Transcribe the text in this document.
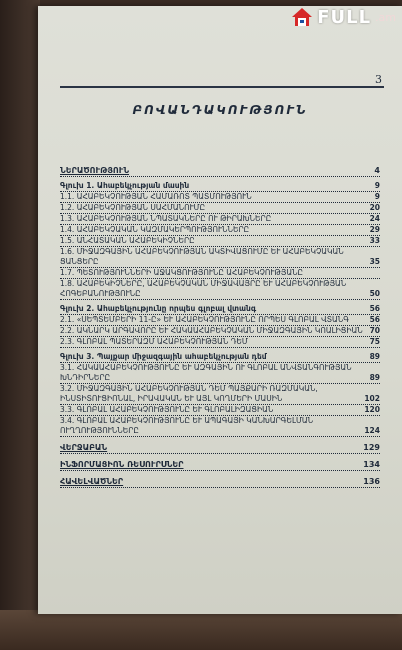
3
ԲՈՎԱՆԴԱԿՈՒԹՅՈՒՆ
ՆԵՐԱԾՈՒԹՅՈՒՆ	4
Գլուխ 1. Ահաբեկչության մասին	9
1.1. ԱՀԱԲԵԿՉՈՒԹՅԱՆ ՀԱՄԱՌՈՏ ՊԱՏՄՈՒԹՅՈՒՆ	9
1.2. ԱՀԱԲԵԿՉՈՒԹՅԱՆ ՍԱՀՄԱՆՈՒՄԸ	20
1.3. ԱՀԱԲԵԿՉՈՒԹՅԱՆ ՆՊԱՏԱԿՆԵՐԸ ՈՒ ԹԻՐԱԽՆԵՐԸ	24
1.4. ԱՀԱԲԵԿՉԱԿԱՆ ԿԱԶՄԱԿԵՐՊՈՒԹՅՈՒՆՆԵՐԸ	29
1.5. ԱՆՀԱՏԱԿԱՆ ԱՀԱԲԵԿԻՉՆԵՐԸ	33
1.6. ՄԻՋԱԶԳԱՅԻՆ ԱՀԱԲԵԿՉՈՒԹՅԱՆ ԱԿՏԻՎԱՑՈՒՄԸ ԵՒ ԱՀԱԲԵԿՉԱԿԱՆ ՑԱՆՑԵՐԸ	35
1.7. ՊԵՏՈՒԹՅՈՒՆՆԵՐԻ ԱՋԱԿՑՈՒԹՅՈՒՆԸ ԱՀԱԲԵԿՉՈՒԹՅԱՆԸ
1.8. ԱՀԱԲԵԿԻՉՆԵՐԸ, ԱՀԱԲԵԿՉԱԿԱՆ ՄԻՋԱՎԱՅՐԸ ԵՒ ԱՀԱԲԵԿՉՈՒԹՅԱՆ ՀՈԳԵԲԱՆՈՒԹՅՈՒՆԸ	50
Գլուխ 2. Ահաբեկչությունը որպես գլոբալ վտանգ	56
2.1. «ՍԵՊՏԵՄԲԵՐԻ 11-Ը» ԵՒ ԱՀԱԲԵԿՉՈՒԹՅՈՒՆԸ ՈՐՊԵՍ ԳԼՈԲԱԼ ՎՏԱՆԳ	56
2.2. ԱԿՆԱՐԿ ԱՐԳԱՎՈՐԸ ԵՒ ՀԱԿԱԱՀԱԲԵԿՉԱԿԱՆ ՄԻՋԱԶԳԱՅԻՆ ԿՈԱԼԻՑԻԱՆ 70
2.3. ԳԼՈԲԱԼ ՊԱՏԵՐԱԶՄ ԱՀԱԲԵԿՉՈՒԹՅԱՆ ԴԵՄ	75
Գլուխ 3. Պայքար միջազգային ահաբեկչության դեմ	89
3.1. ՀԱԿԱԱՀԱԲԵԿՉՈՒԹՅՈՒՆԸ ԵՒ ԱԶԳԱՅԻՆ ՈՒ ԳԼՈԲԱԼ ԱՆՎՏԱՆԳՈՒԹՅԱՆ ԽՆԴԻՐՆԵՐԸ	89
3.2. ՄԻՋԱԶԳԱՅԻՆ ԱՀԱԲԵԿՉՈՒԹՅԱՆ ԴԵՄ ՊԱՅՔԱՐԻ ՌԱԶՄԱԿԱՆ, ԻՆՍՏԻՏՈՒՑԻՈՆԱԼ, ԻՐԱՎԱԿԱՆ ԵՒ ԱՅԼ ԿՈՂՄԵՐԻ ՄԱՍԻՆ	102
3.3. ԳԼՈԲԱԼ ԱՀԱԲԵԿՉՈՒԹՅՈՒՆԸ ԵՒ ԳԼՈԲԱԼԻԶԱՑԻԱՆ	120
3.4. ԳԼՈԲԱԼ ԱՀԱԲԵԿՉՈՒԹՅՈՒՆԸ ԵՒ ԱՊԱԳԱՅԻ ԿԱՆԽԱՐԳԵԼՄԱՆ ՈՒՂՂՈՒԹՅՈՒՆՆԵՐԸ	124
ՎԵՐՋԱԲԱՆ	129
ԻՆՖՈՐՄԱՑԻՈՆ ՌԵՍՈՒՐՍՆԵՐ	134
ՀԱՎԵԼՎԱԾՆԵՐ	136
FULL .am
